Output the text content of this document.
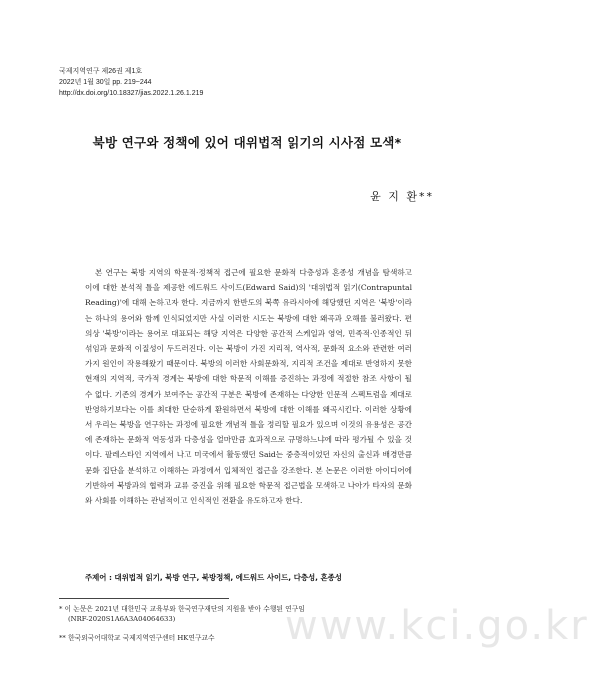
국제지역연구 제26권 제1호
2022년 1월 30일 pp. 219~244
http://dx.doi.org/10.18327/jias.2022.1.26.1.219
북방 연구와 정책에 있어 대위법적 읽기의 시사점 모색*
윤 지 환**
본 연구는 북방 지역의 학문적·정책적 접근에 필요한 문화적 다층성과 혼종성 개념을 탐색하고 이에 대한 분석적 틀을 제공한 에드워드 사이드(Edward Said)의 '대위법적 읽기(Contrapuntal Reading)'에 대해 논하고자 한다. 지금까지 한반도의 북쪽 유라시아에 해당했던 지역은 '북방'이라는 하나의 용어와 함께 인식되었지만 사실 이러한 시도는 북방에 대한 왜곡과 오해를 불러왔다. 편의상 '북방'이라는 용어로 대표되는 해당 지역은 다양한 공간적 스케일과 영역, 민족적·인종적인 뒤섞임과 문화적 이질성이 두드러진다. 이는 북방이 가진 지리적, 역사적, 문화적 요소와 관련한 여러 가지 원인이 작용해왔기 때문이다. 북방의 이러한 사회문화적, 지리적 조건을 제대로 반영하지 못한 현재의 지역적, 국가적 경계는 북방에 대한 학문적 이해를 증진하는 과정에 적절한 참조 사항이 될 수 없다. 기존의 경계가 보여주는 공간적 구분은 북방에 존재하는 다양한 인문적 스펙트럼을 제대로 반영하기보다는 이를 최대한 단순하게 환원하면서 북방에 대한 이해를 왜곡시킨다. 이러한 상황에서 우리는 북방을 연구하는 과정에 필요한 개념적 틀을 정리할 필요가 있으며 이것의 유용성은 공간에 존재하는 문화적 역동성과 다층성을 얼마만큼 효과적으로 규명하느냐에 따라 평가될 수 있을 것이다. 팔레스타인 지역에서 나고 미국에서 활동했던 Said는 중층적이었던 자신의 출신과 배경만큼 문화 집단을 분석하고 이해하는 과정에서 입체적인 접근을 강조한다. 본 논문은 이러한 아이디어에 기반하여 북방과의 협력과 교류 증진을 위해 필요한 학문적 접근법을 모색하고 나아가 타자의 문화와 사회를 이해하는 관념적이고 인식적인 전환을 유도하고자 한다.
주제어 : 대위법적 읽기, 북방 연구, 북방정책, 에드워드 사이드, 다층성, 혼종성
* 이 논문은 2021년 대한민국 교육부와 한국연구재단의 지원을 받아 수행된 연구임
(NRF-2020S1A6A3A04064633)
** 한국외국어대학교 국제지역연구센터 HK연구교수	www.kci.go.kr
